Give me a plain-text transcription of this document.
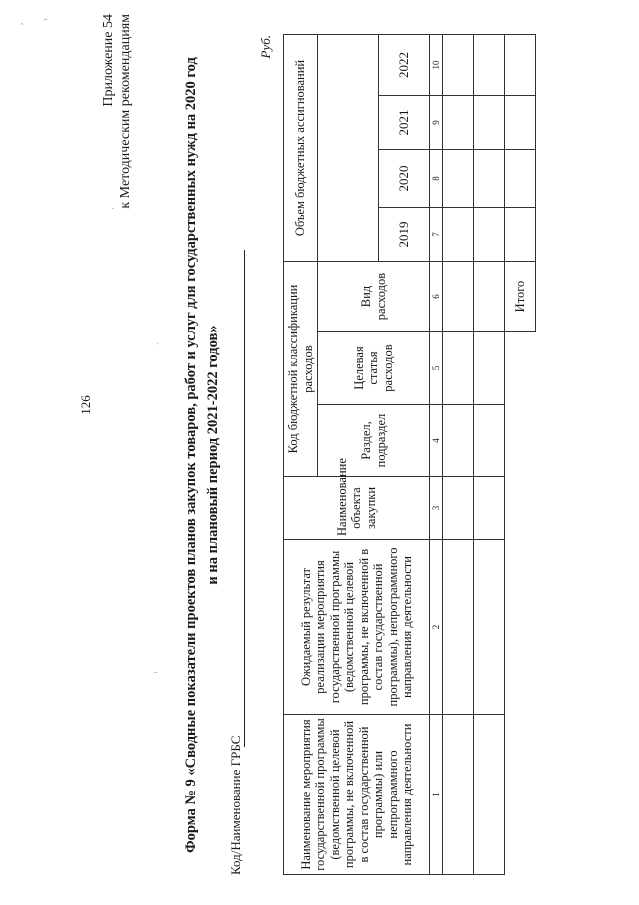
126
Приложение 54 к Методическим рекомендациям	Форма № 9 «Сводные показатели проектов планов закупок товаров, работ и услуг для государственных нужд на 2020 год и на плановый период 2021-2022 годов»
Код/Наименование ГРБС
Руб.
,
·
.
ᵢ
›
Наименование мероприятия государственной программы (ведомственной целевой программы, не включенной в состав государственной программы) или непрограммного направления деятельности	Ожидаемый результат реализации мероприятия государственной программы (ведомственной целевой программы, не включенной в состав государственной программы), непрограммного направления деятельности	Наименование объекта закупки	Код бюджетной классификации расходов			Объем бюджетных ассигнований			
			Раздел, подраздел	Целевая статья расходов	Вид расходов				
						2019	2020	2021	2022
1	2	3	4	5	6	7	8	9	10

					Итого				
